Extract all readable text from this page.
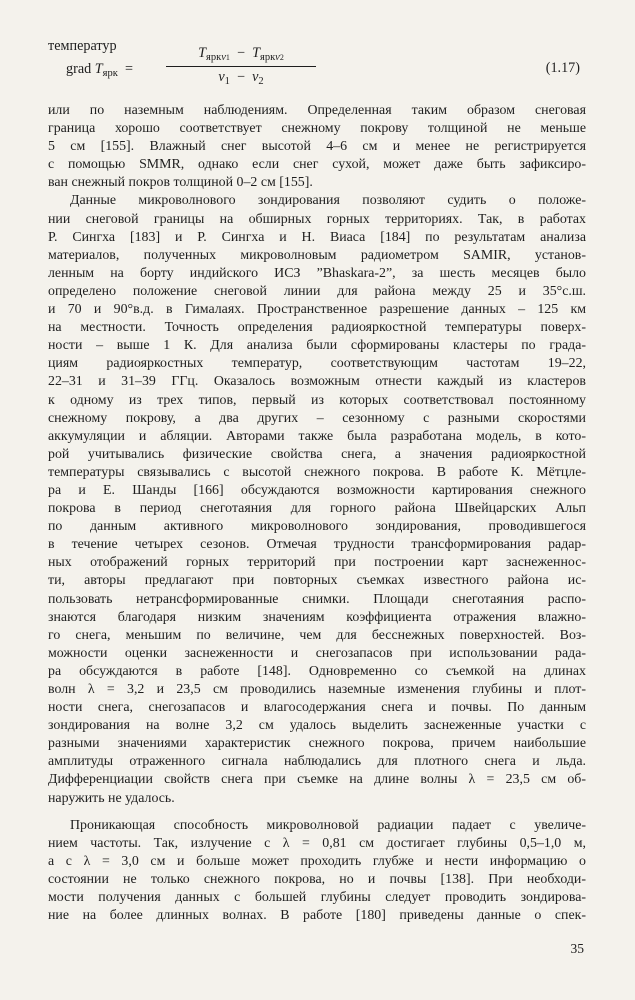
температур
grad $T_{ярк}$ =
$T_{ярк\nu 1} - T_{ярк\nu 2}$
$\nu_1 - \nu_2$
(1.17)
или по наземным наблюдениям. Определенная таким образом снеговая
граница хорошо соответствует снежному покрову толщиной не меньше
5 см [155]. Влажный снег высотой 4–6 см и менее не регистрируется
с помощью SMMR, однако если снег сухой, может даже быть зафиксиро-
ван снежный покров толщиной 0–2 см [155].
Данные микроволнового зондирования позволяют судить о положе-
нии снеговой границы на обширных горных территориях. Так, в работах
Р. Сингха [183] и Р. Сингха и Н. Виаса [184] по результатам анализа
материалов, полученных микроволновым радиометром SAMIR, установ-
ленным на борту индийского ИСЗ ”Bhaskara-2”, за шесть месяцев было
определено положение снеговой линии для района между 25 и 35°с.ш.
и 70 и 90°в.д. в Гималаях. Пространственное разрешение данных – 125 км
на местности. Точность определения радиояркостной температуры поверх-
ности – выше 1 К. Для анализа были сформированы кластеры по града-
циям радиояркостных температур, соответствующим частотам 19–22,
22–31 и 31–39 ГГц. Оказалось возможным отнести каждый из кластеров
к одному из трех типов, первый из которых соответствовал постоянному
снежному покрову, а два других – сезонному с разными скоростями
аккумуляции и абляции. Авторами также была разработана модель, в кото-
рой учитывались физические свойства снега, а значения радиояркостной
температуры связывались с высотой снежного покрова. В работе К. Мётцле-
ра и Е. Шанды [166] обсуждаются возможности картирования снежного
покрова в период снеготаяния для горного района Швейцарских Альп
по данным активного микроволнового зондирования, проводившегося
в течение четырех сезонов. Отмечая трудности трансформирования радар-
ных отображений горных территорий при построении карт заснеженнос-
ти, авторы предлагают при повторных съемках известного района ис-
пользовать нетрансформированные снимки. Площади снеготаяния распо-
знаются благодаря низким значениям коэффициента отражения влажно-
го снега, меньшим по величине, чем для бесснежных поверхностей. Воз-
можности оценки заснеженности и снегозапасов при использовании рада-
ра обсуждаются в работе [148]. Одновременно со съемкой на длинах
волн λ = 3,2 и 23,5 см проводились наземные изменения глубины и плот-
ности снега, снегозапасов и влагосодержания снега и почвы. По данным
зондирования на волне 3,2 см удалось выделить заснеженные участки с
разными значениями характеристик снежного покрова, причем наибольшие
амплитуды отраженного сигнала наблюдались для плотного снега и льда.
Дифференциации свойств снега при съемке на длине волны λ = 23,5 см об-
наружить не удалось.
Проникающая способность микроволновой радиации падает с увеличе-
нием частоты. Так, излучение с λ = 0,81 см достигает глубины 0,5–1,0 м,
а с λ = 3,0 см и больше может проходить глубже и нести информацию о
состоянии не только снежного покрова, но и почвы [138]. При необходи-
мости получения данных с большей глубины следует проводить зондирова-
ние на более длинных волнах. В работе [180] приведены данные о спек-
35
